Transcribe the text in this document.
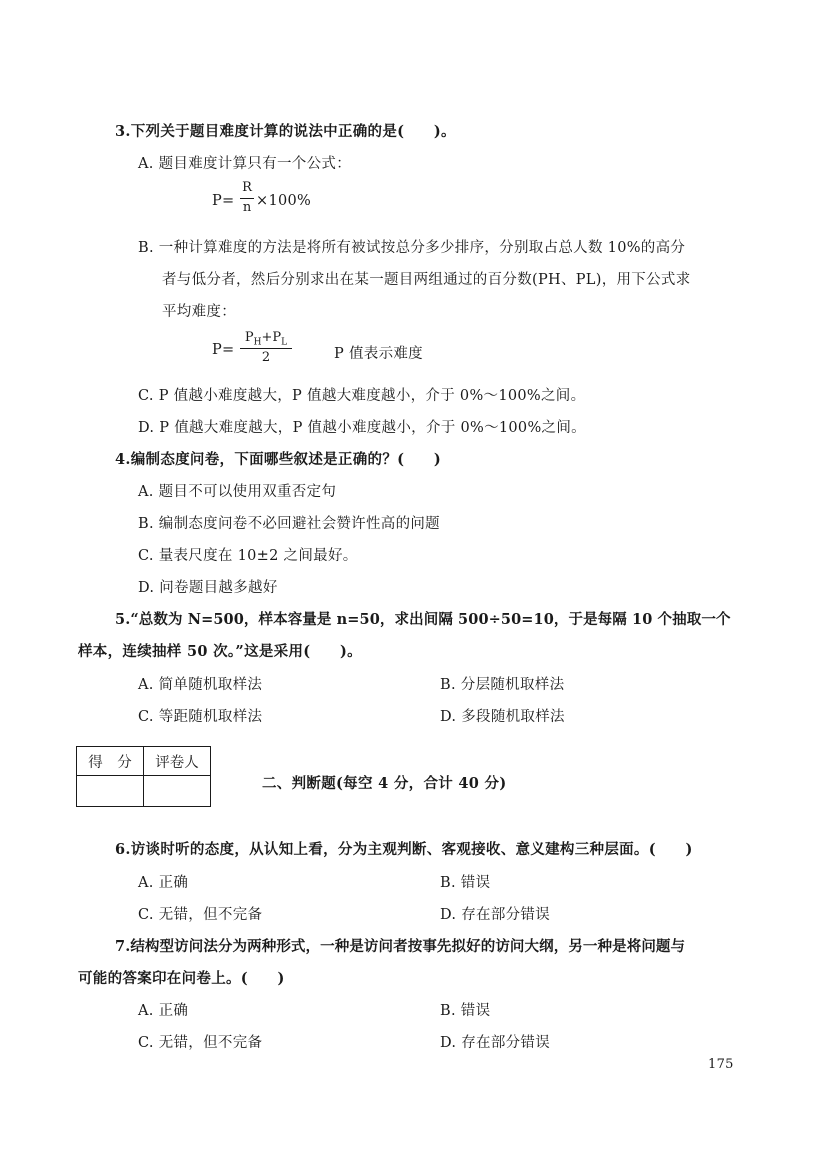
3.下列关于题目难度计算的说法中正确的是(　　)。
A. 题目难度计算只有一个公式：
P=
R
n ×100%
B. 一种计算难度的方法是将所有被试按总分多少排序，分别取占总人数 10%的高分
者与低分者，然后分别求出在某一题目两组通过的百分数(PH、PL)，用下公式求
平均难度：
P=
$P_H+P_L$
2	P 值表示难度
C. P 值越小难度越大，P 值越大难度越小，介于 0%～100%之间。
D. P 值越大难度越大，P 值越小难度越小，介于 0%～100%之间。
4.编制态度问卷，下面哪些叙述是正确的？(　　)
A. 题目不可以使用双重否定句
B. 编制态度问卷不必回避社会赞许性高的问题
C. 量表尺度在 10±2 之间最好。
D. 问卷题目越多越好
5.“总数为 N=500，样本容量是 n=50，求出间隔 500÷50=10，于是每隔 10 个抽取一个
样本，连续抽样 50 次。”这是采用(　　)。
A. 简单随机取样法	B. 分层随机取样法
C. 等距随机取样法	D. 多段随机取样法
得　分	评卷人

二、判断题(每空 4 分，合计 40 分)
6.访谈时听的态度，从认知上看，分为主观判断、客观接收、意义建构三种层面。(　　)
A. 正确	B. 错误
C. 无错，但不完备	D. 存在部分错误
7.结构型访问法分为两种形式，一种是访问者按事先拟好的访问大纲，另一种是将问题与
可能的答案印在问卷上。(　　)
A. 正确	B. 错误
C. 无错，但不完备	D. 存在部分错误
175
